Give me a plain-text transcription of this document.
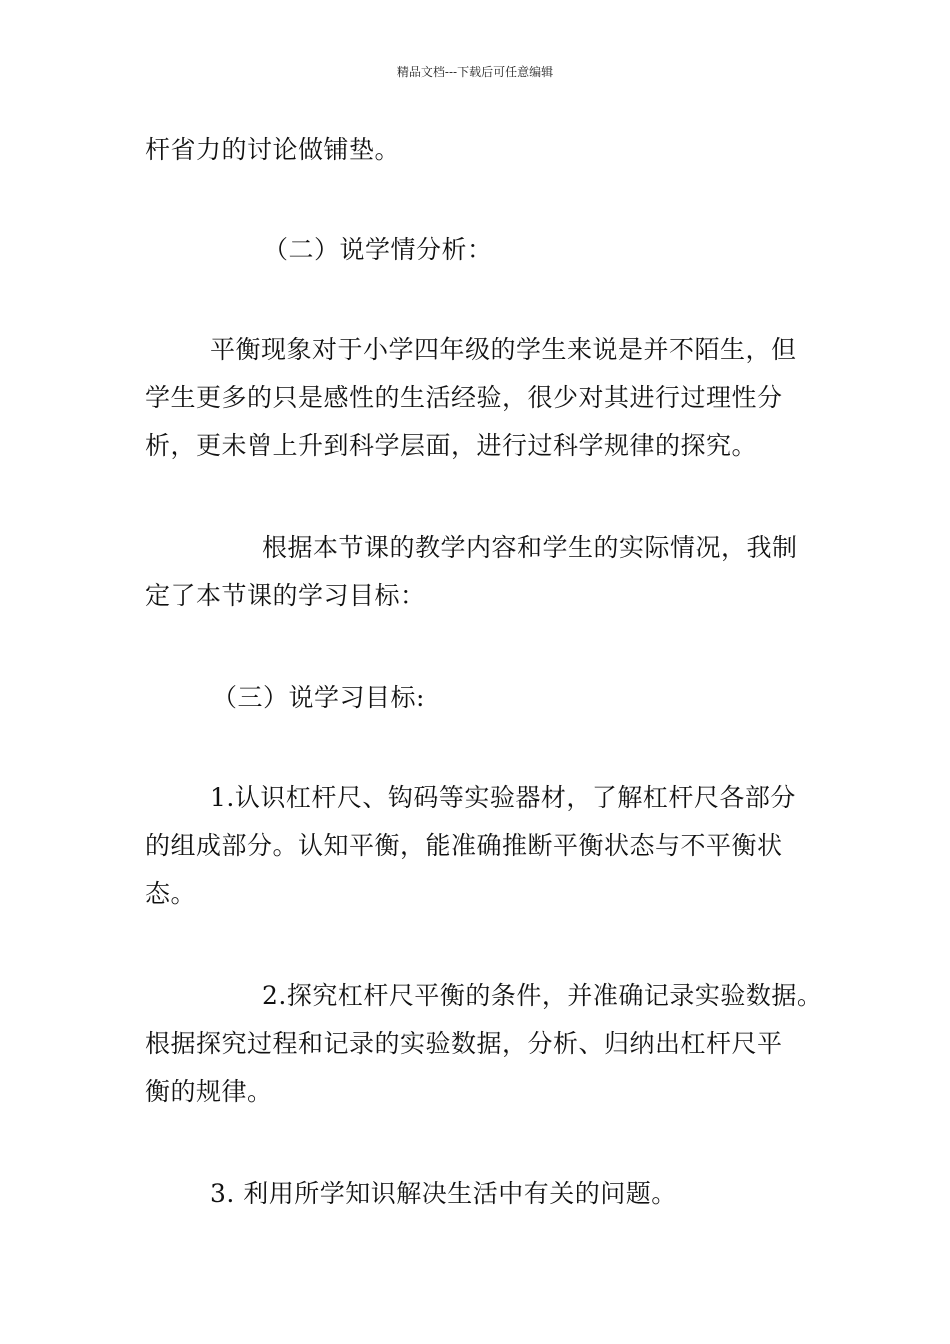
精品文档---下载后可任意编辑
杆省力的讨论做铺垫。
（二）说学情分析：
平衡现象对于小学四年级的学生来说是并不陌生，但
学生更多的只是感性的生活经验，很少对其进行过理性分
析，更未曾上升到科学层面，进行过科学规律的探究。
根据本节课的教学内容和学生的实际情况，我制
定了本节课的学习目标：
（三）说学习目标:
1.认识杠杆尺、钩码等实验器材，了解杠杆尺各部分
的组成部分。认知平衡，能准确推断平衡状态与不平衡状
态。
2.探究杠杆尺平衡的条件，并准确记录实验数据。
根据探究过程和记录的实验数据，分析、归纳出杠杆尺平
衡的规律。
3. 利用所学知识解决生活中有关的问题。
